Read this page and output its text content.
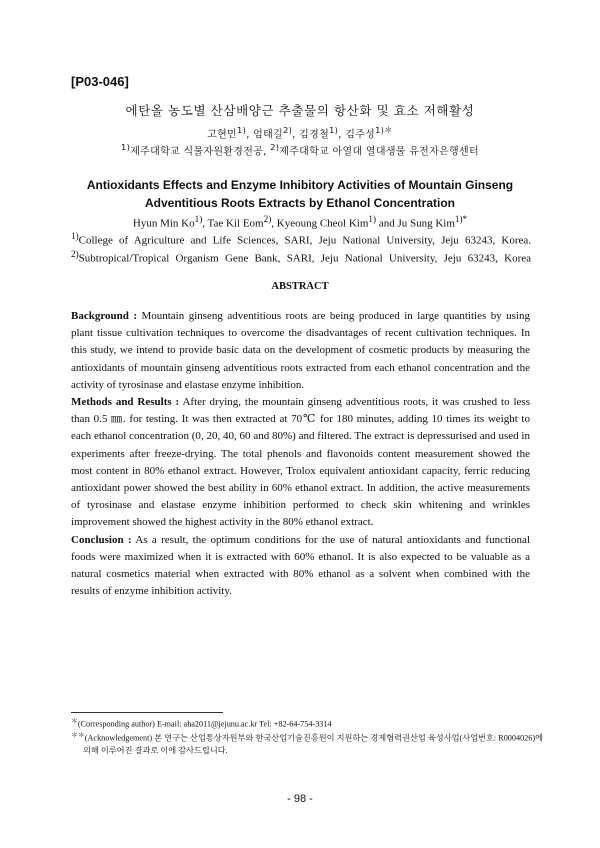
[P03-046]

에탄올 농도별 산삼배양근 추출물의 항산화 및 효소 저해활성

고현민$^{1)}$, 엄태길$^{2)}$, 김경철$^{1)}$, 김주성$^{1)*}$

$^{1)}$제주대학교 식물자원환경전공, $^{2)}$제주대학교 아열대 열대생물 유전자은행센터

Antioxidants Effects and Enzyme Inhibitory Activities of Mountain Ginseng

Adventitious Roots Extracts by Ethanol Concentration

Hyun Min Ko$^{1)}$, Tae Kil Eom$^{2)}$, Kyeoung Cheol Kim$^{1)}$ and Ju Sung Kim$^{1)*}$

$^{1)}$College of Agriculture and Life Sciences, SARI, Jeju National University, Jeju 63243, Korea.

$^{2)}$Subtropical/Tropical Organism Gene Bank, SARI, Jeju National University, Jeju 63243, Korea

ABSTRACT

Background : Mountain ginseng adventitious roots are being produced in large quantities by using plant tissue cultivation techniques to overcome the disadvantages of recent cultivation techniques. In this study, we intend to provide basic data on the development of cosmetic products by measuring the antioxidants of mountain ginseng adventitious roots extracted from each ethanol concentration and the activity of tyrosinase and elastase enzyme inhibition.

Methods and Results : After drying, the mountain ginseng adventitious roots, it was crushed to less than 0.5 ㎜. for testing. It was then extracted at 70℃ for 180 minutes, adding 10 times its weight to each ethanol concentration (0, 20, 40, 60 and 80%) and filtered. The extract is depressurised and used in experiments after freeze-drying. The total phenols and flavonoids content measurement showed the most content in 80% ethanol extract. However, Trolox equivalent antioxidant capacity, ferric reducing antioxidant power showed the best ability in 60% ethanol extract. In addition, the active measurements of tyrosinase and elastase enzyme inhibition performed to check skin whitening and wrinkles improvement showed the highest activity in the 80% ethanol extract.

Conclusion : As a result, the optimum conditions for the use of natural antioxidants and functional foods were maximized when it is extracted with 60% ethanol. It is also expected to be valuable as a natural cosmetics material when extracted with 80% ethanol as a solvent when combined with the results of enzyme inhibition activity.

＊(Corresponding author) E-mail: aha2011@jejunu.ac.kr Tel: +82-64-754-3314

＊＊(Acknowledgement) 본 연구는 산업통상자원부와 한국산업기술진흥원이 지원하는 경제협력권산업 육성사업(사업번호: R0004026)에 의해 이루어진 결과로 이에 감사드립니다.

- 98 -
